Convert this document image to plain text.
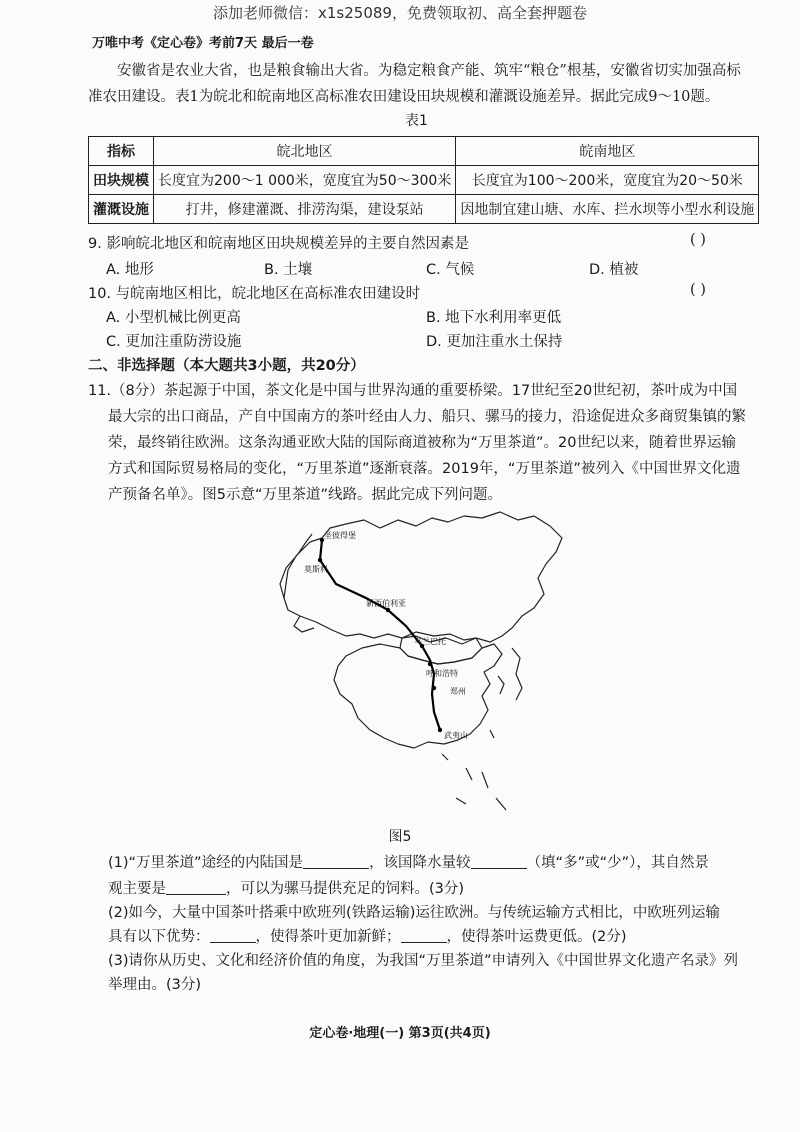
添加老师微信：x1s25089，免费领取初、高全套押题卷
万唯中考《定心卷》考前7天 最后一卷
安徽省是农业大省，也是粮食输出大省。为稳定粮食产能、筑牢“粮仓”根基，安徽省切实加强高标
准农田建设。表1为皖北和皖南地区高标准农田建设田块规模和灌溉设施差异。据此完成9～10题。
表1
指标	皖北地区	皖南地区
田块规模	长度宜为200～1 000米，宽度宜为50～300米	长度宜为100～200米，宽度宜为20～50米
灌溉设施	打井，修建灌溉、排涝沟渠，建设泵站	因地制宜建山塘、水库、拦水坝等小型水利设施
9. 影响皖北地区和皖南地区田块规模差异的主要自然因素是	( )
A. 地形	B. 土壤	C. 气候	D. 植被
10. 与皖南地区相比，皖北地区在高标准农田建设时	( )
A. 小型机械比例更高	B. 地下水利用率更低
C. 更加注重防涝设施	D. 更加注重水土保持
二、非选择题（本大题共3小题，共20分）
11.（8分）茶起源于中国，茶文化是中国与世界沟通的重要桥梁。17世纪至20世纪初，茶叶成为中国
最大宗的出口商品，产自中国南方的茶叶经由人力、船只、骡马的接力，沿途促进众多商贸集镇的繁
荣，最终销往欧洲。这条沟通亚欧大陆的国际商道被称为“万里茶道”。20世纪以来，随着世界运输
方式和国际贸易格局的变化，“万里茶道”逐渐衰落。2019年，“万里茶道”被列入《中国世界文化遗
产预备名单》。图5示意“万里茶道”线路。据此完成下列问题。
圣彼得堡
莫斯科
新西伯利亚
乌兰巴托
呼和浩特
郑州
武夷山
图5
(1)“万里茶道”途经的内陆国是	，该国降水量较	（填“多”或“少”），其自然景
观主要是	，可以为骡马提供充足的饲料。(3分)
(2)如今，大量中国茶叶搭乘中欧班列(铁路运输)运往欧洲。与传统运输方式相比，中欧班列运输
具有以下优势：	，使得茶叶更加新鲜；	，使得茶叶运费更低。(2分)
(3)请你从历史、文化和经济价值的角度，为我国“万里茶道”申请列入《中国世界文化遗产名录》列
举理由。(3分)
定心卷·地理(一) 第3页(共4页)
